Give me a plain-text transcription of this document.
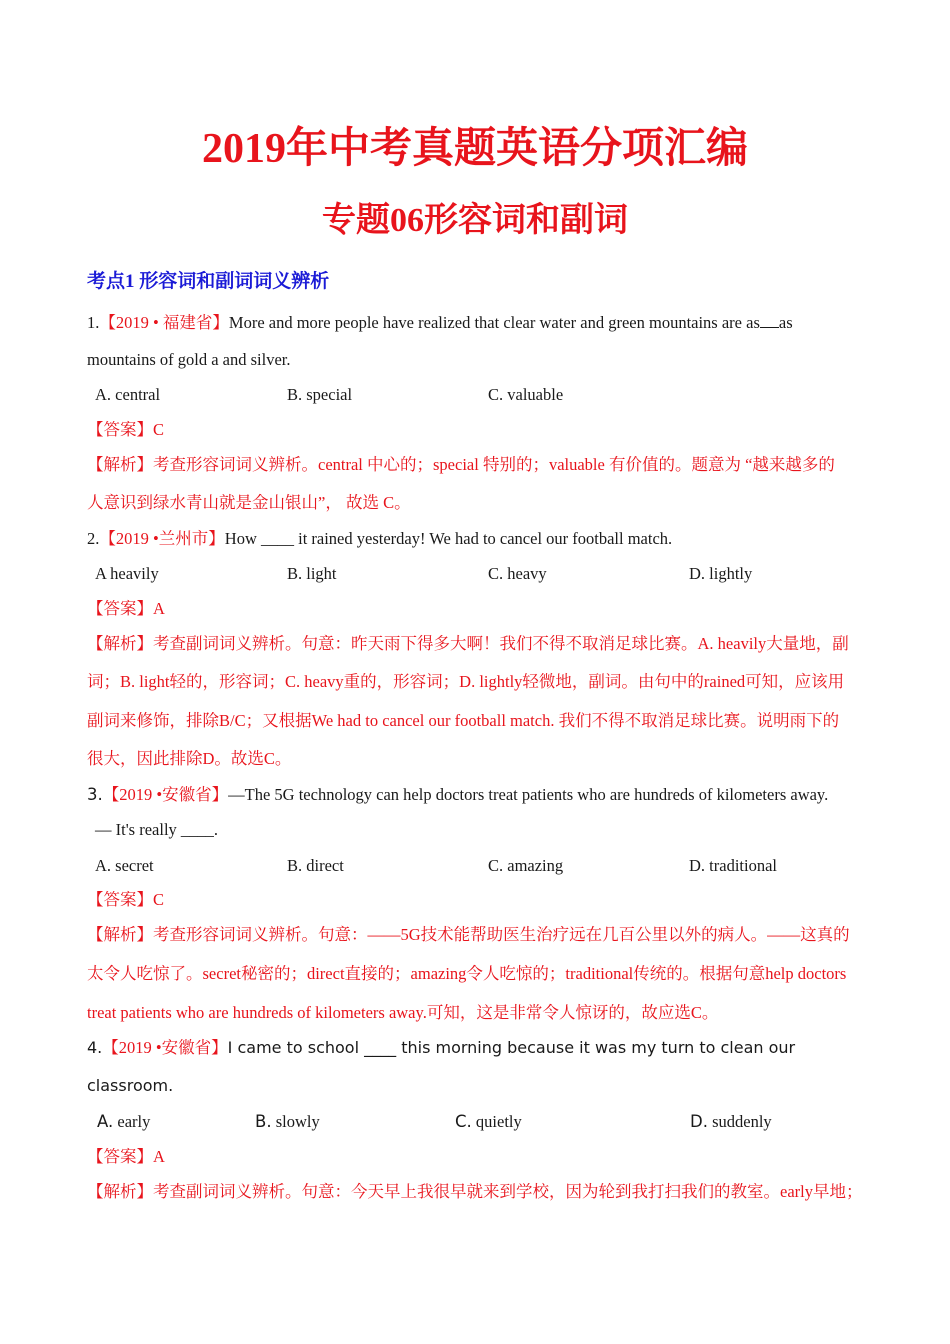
2019年中考真题英语分项汇编
专题06形容词和副词
考点1 形容词和副词词义辨析
1.【2019 • 福建省】More and more people have realized that clear water and green mountains are as as
mountains of gold a and silver.
A. central	B. special	C. valuable
【答案】C
【解析】考查形容词词义辨析。central 中心的；special 特别的；valuable 有价值的。题意为 “越来越多的
人意识到绿水青山就是金山银山”， 故选 C。
2.【2019 •兰州市】How ____ it rained yesterday! We had to cancel our football match.
A heavily	B. light	C. heavy	D. lightly
【答案】A
【解析】考查副词词义辨析。句意：昨天雨下得多大啊！我们不得不取消足球比赛。A. heavily大量地，副
词；B. light轻的，形容词；C. heavy重的，形容词；D. lightly轻微地，副词。由句中的rained可知，应该用
副词来修饰，排除B/C；又根据We had to cancel our football match. 我们不得不取消足球比赛。说明雨下的
很大，因此排除D。故选C。
3.【2019 •安徽省】—The 5G technology can help doctors treat patients who are hundreds of kilometers away.
— It's really ____.
A. secret	B. direct	C. amazing	D. traditional
【答案】C
【解析】考查形容词词义辨析。句意：——5G技术能帮助医生治疗远在几百公里以外的病人。——这真的
太令人吃惊了。secret秘密的；direct直接的；amazing令人吃惊的；traditional传统的。根据句意help doctors
treat patients who are hundreds of kilometers away.可知，这是非常令人惊讶的，故应选C。
4.【2019 •安徽省】I came to school ____ this morning because it was my turn to clean our
classroom.
A. early	B. slowly	C. quietly	D. suddenly
【答案】A
【解析】考查副词词义辨析。句意：今天早上我很早就来到学校，因为轮到我打扫我们的教室。early早地；
